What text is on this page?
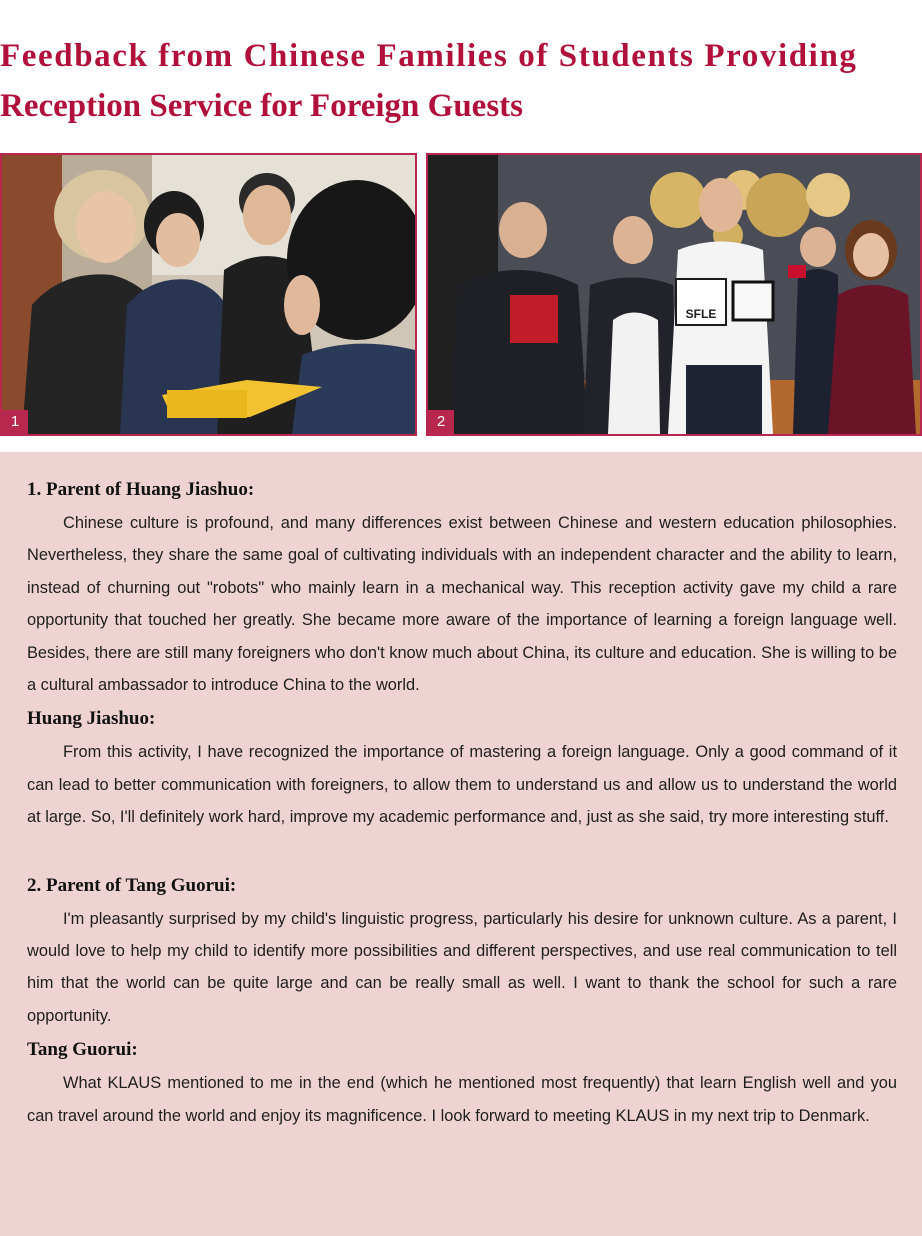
Feedback from Chinese Families of Students Providing
Reception Service for Foreign Guests
1
SFLE
2
1. Parent of Huang Jiashuo:

Chinese culture is profound, and many differences exist between Chinese and western education philosophies. Nevertheless, they share the same goal of cultivating individuals with an independent character and the ability to learn, instead of churning out "robots" who mainly learn in a mechanical way. This reception activity gave my child a rare opportunity that touched her greatly. She became more aware of the importance of learning a foreign language well. Besides, there are still many foreigners who don't know much about China, its culture and education. She is willing to be a cultural ambassador to introduce China to the world.

Huang Jiashuo:

From this activity, I have recognized the importance of mastering a foreign language. Only a good command of it can lead to better communication with foreigners, to allow them to understand us and allow us to understand the world at large. So, I'll definitely work hard, improve my academic performance and, just as she said, try more interesting stuff.

2. Parent of Tang Guorui:

I'm pleasantly surprised by my child's linguistic progress, particularly his desire for unknown culture. As a parent, I would love to help my child to identify more possibilities and different perspectives, and use real communication to tell him that the world can be quite large and can be really small as well. I want to thank the school for such a rare opportunity.

Tang Guorui:

What KLAUS mentioned to me in the end (which he mentioned most frequently) that learn English well and you can travel around the world and enjoy its magnificence. I look forward to meeting KLAUS in my next trip to Denmark.
